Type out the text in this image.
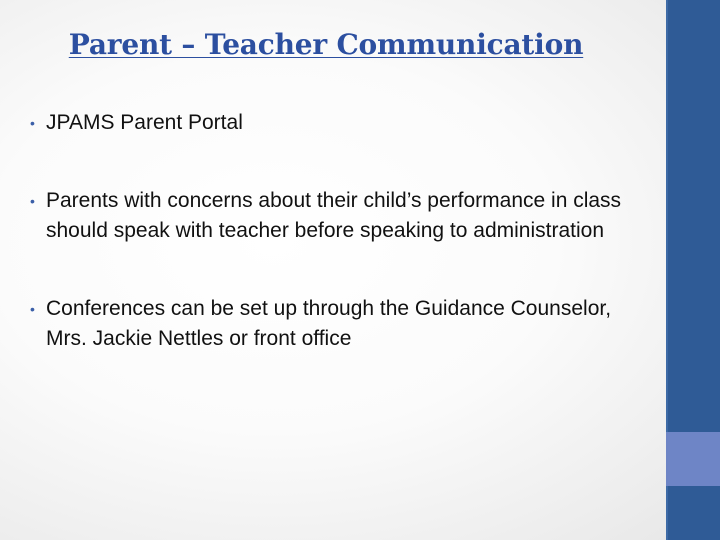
Parent – Teacher Communication
• JPAMS Parent Portal
• Parents with concerns about their child’s performance in class should speak with teacher before speaking to administration
• Conferences can be set up through the Guidance Counselor, Mrs. Jackie Nettles or front office
